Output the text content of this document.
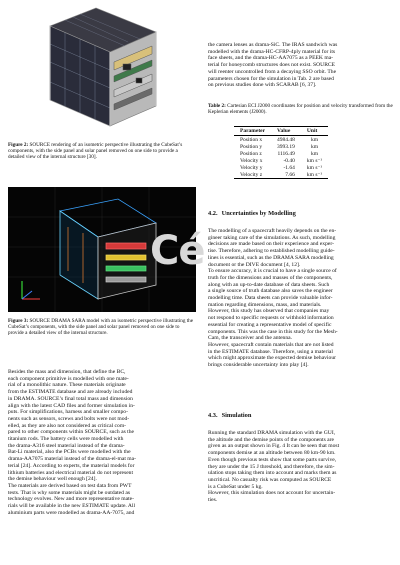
Figure 2: SOURCE rendering of an isometric perspective illustrating the CubeSat’s components, with the side panel and solar panel removed on one side to provide a detailed view of the internal structure [30].

Figure 3: SOURCE DRAMA SARA model with an isometric perspective illustrating the CubeSat’s components, with the side panel and solar panel removed on one side to provide a detailed view of the internal structure.

Besides the mass and dimension, that define the BC,
each component primitive is modelled with one mate-
rial of a monolithic nature. These materials originate
from the ESTIMATE database and are already included
in DRAMA. SOURCE’s final total mass and dimension
align with the latest CAD files and former simulation in-
puts. For simplifications, harness and smaller compo-
nents such as sensors, screws and bolts were not mod-
elled, as they are also not considered as critical com-
pared to other components within SOURCE, such as the
titanium rods. The battery cells were modelled with
the drama-A316 steel material instead of the drama-
Bat-Li material, also the PCBs were modelled with the
drama-AA7075 material instead of the drama-el-mat ma-
terial [24]. According to experts, the material models for
lithium batteries and electrical material do not represent
the demise behaviour well enough [24].
The materials are derived based on test data from PWT
tests. That is why some materials might be outdated as
technology evolves. New and more representative mate-
rials will be available in the new ESTIMATE update. All
aluminium parts were modelled as drama-AA-7075, and
the camera lenses as drama-SiC. The IRAS sandwich was
modelled with the drama-HC-CFRP-4ply material for its
face sheets, and the drama-HC-AA7075 as a PEEK ma-
terial for honeycomb structures does not exist. SOURCE
will reenter uncontrolled from a decaying SSO orbit. The
parameters chosen for the simulation in Tab. 2 are based
on previous studies done with SCARAB [6, 37].

Table 2: Cartesian ECI J2000 coordinates for position and velocity transformed from the Keplerian elements (J2000).

Parameter	Value	Unit
Position x	4984.48	km
Position y	3993.19	km
Position z	1116.49	km
Velocity x	-0.40	km s⁻¹
Velocity y	-1.64	km s⁻¹
Velocity z	7.66	km s⁻¹
4.2. Uncertainties by Modelling
The modelling of a spacecraft heavily depends on the en-
gineer taking care of the simulations. As such, modelling
decisions are made based on their experience and exper-
tise. Therefore, adhering to established modelling guide-
lines is essential, such as the DRAMA SARA modelling
document or the DIVE document [4, 12].
To ensure accuracy, it is crucial to have a single source of
truth for the dimensions and masses of the components,
along with an up-to-date database of data sheets. Such
a single source of truth database also saves the engineer
modelling time. Data sheets can provide valuable infor-
mation regarding dimensions, mass, and materials.
However, this study has observed that companies may
not respond to specific requests or withhold information
essential for creating a representative model of specific
components. This was the case in this study for the Mesh-
Cam, the transceiver and the antenna.
However, spacecraft contain materials that are not listed
in the ESTIMATE database. Therefore, using a material
which might approximate the expected demise behaviour
brings considerable uncertainty into play [4].
4.3. Simulation
Running the standard DRAMA simulation with the GUI,
the altitude and the demise points of the components are
given as an output shown in Fig. 4 It can be seen that most
components demise at an altitude between 80 km-90 km.
Even though previous tests show that some parts survive,
they are under the 15 J threshold, and therefore, the sim-
ulation stops taking them into account and marks them as
uncritical. No casualty risk was computed as SOURCE
is a CubeSat under 5 kg.
However, this simulation does not account for uncertain-
ties.
Cé
